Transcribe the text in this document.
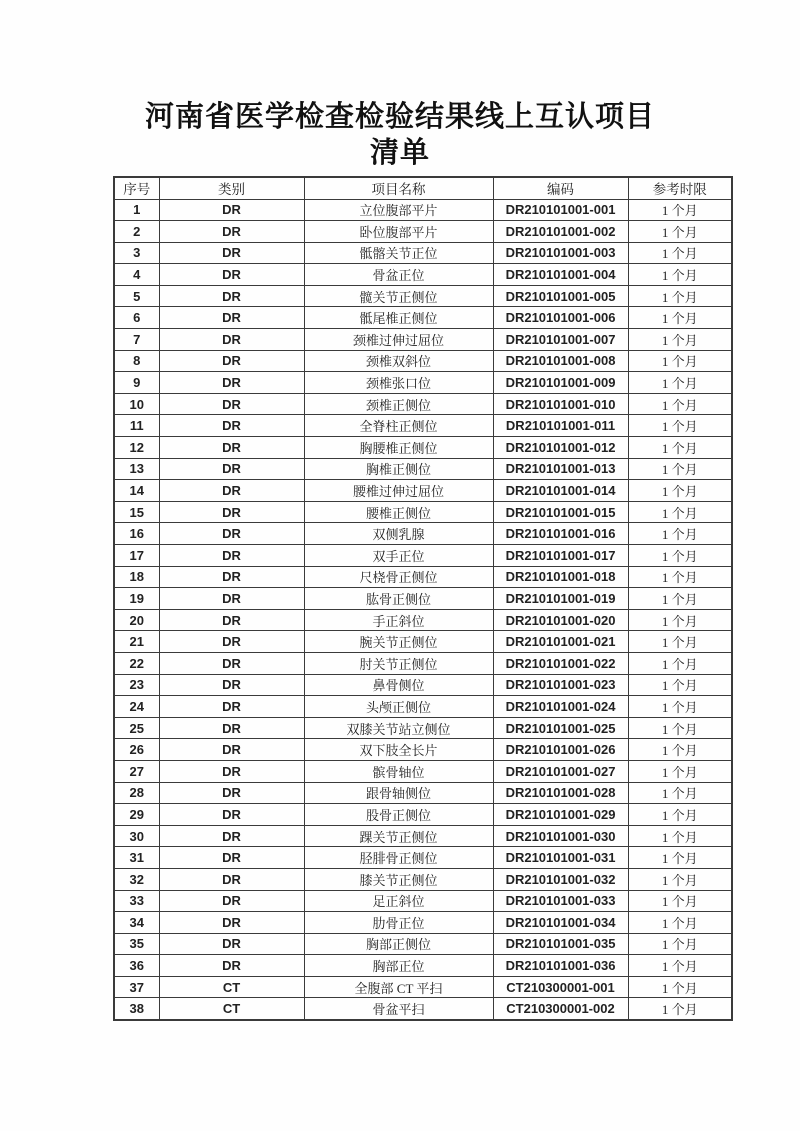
河南省医学检查检验结果线上互认项目
清单
序号	类别	项目名称	编码	参考时限
1	DR	立位腹部平片	DR210101001-001	1 个月
2	DR	卧位腹部平片	DR210101001-002	1 个月
3	DR	骶髂关节正位	DR210101001-003	1 个月
4	DR	骨盆正位	DR210101001-004	1 个月
5	DR	髋关节正侧位	DR210101001-005	1 个月
6	DR	骶尾椎正侧位	DR210101001-006	1 个月
7	DR	颈椎过伸过屈位	DR210101001-007	1 个月
8	DR	颈椎双斜位	DR210101001-008	1 个月
9	DR	颈椎张口位	DR210101001-009	1 个月
10	DR	颈椎正侧位	DR210101001-010	1 个月
11	DR	全脊柱正侧位	DR210101001-011	1 个月
12	DR	胸腰椎正侧位	DR210101001-012	1 个月
13	DR	胸椎正侧位	DR210101001-013	1 个月
14	DR	腰椎过伸过屈位	DR210101001-014	1 个月
15	DR	腰椎正侧位	DR210101001-015	1 个月
16	DR	双侧乳腺	DR210101001-016	1 个月
17	DR	双手正位	DR210101001-017	1 个月
18	DR	尺桡骨正侧位	DR210101001-018	1 个月
19	DR	肱骨正侧位	DR210101001-019	1 个月
20	DR	手正斜位	DR210101001-020	1 个月
21	DR	腕关节正侧位	DR210101001-021	1 个月
22	DR	肘关节正侧位	DR210101001-022	1 个月
23	DR	鼻骨侧位	DR210101001-023	1 个月
24	DR	头颅正侧位	DR210101001-024	1 个月
25	DR	双膝关节站立侧位	DR210101001-025	1 个月
26	DR	双下肢全长片	DR210101001-026	1 个月
27	DR	髌骨轴位	DR210101001-027	1 个月
28	DR	跟骨轴侧位	DR210101001-028	1 个月
29	DR	股骨正侧位	DR210101001-029	1 个月
30	DR	踝关节正侧位	DR210101001-030	1 个月
31	DR	胫腓骨正侧位	DR210101001-031	1 个月
32	DR	膝关节正侧位	DR210101001-032	1 个月
33	DR	足正斜位	DR210101001-033	1 个月
34	DR	肋骨正位	DR210101001-034	1 个月
35	DR	胸部正侧位	DR210101001-035	1 个月
36	DR	胸部正位	DR210101001-036	1 个月
37	CT	全腹部 CT 平扫	CT210300001-001	1 个月
38	CT	骨盆平扫	CT210300001-002	1 个月
